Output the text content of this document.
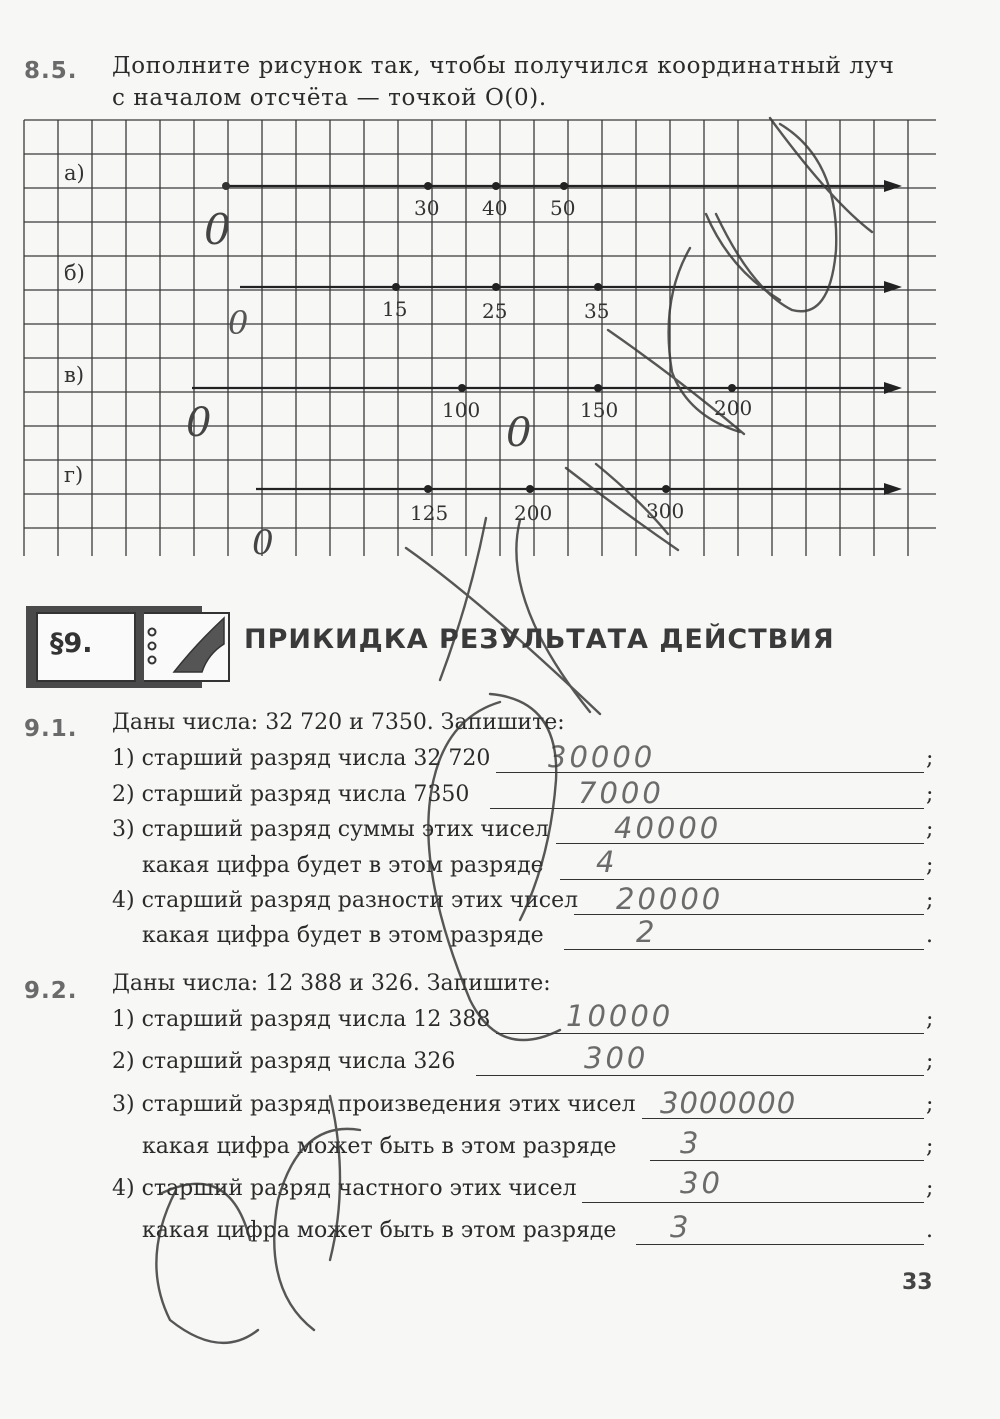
8.5. Дополните рисунок так, чтобы получился координатный луч
с началом отсчёта — точкой O(0).
а)
30 40 50
0
б)
15	25	35
0
в)
100	150	200
0	0
г)
125	200	300
0
§9.	ПРИКИДКА РЕЗУЛЬТАТА ДЕЙСТВИЯ
9.1. Даны числа: 32 720 и 7350. Запишите:
1) старший разряд числа 32 720 30000	;
2) старший разряд числа 7350	7000	;
3) старший разряд суммы этих чисел 40000	;
какая цифра будет в этом разряде 4	;
4) старший разряд разности этих чисел 20000	;
какая цифра будет в этом разряде	2	.
9.2. Даны числа: 12 388 и 326. Запишите:
1) старший разряд числа 12 388	10000	;
2) старший разряд числа 326	300	;
3) старший разряд произведения этих чисел 3000000	;
какая цифра может быть в этом разряде 3	;
4) старший разряд частного этих чисел	30	;
какая цифра может быть в этом разряде 3	.
33
